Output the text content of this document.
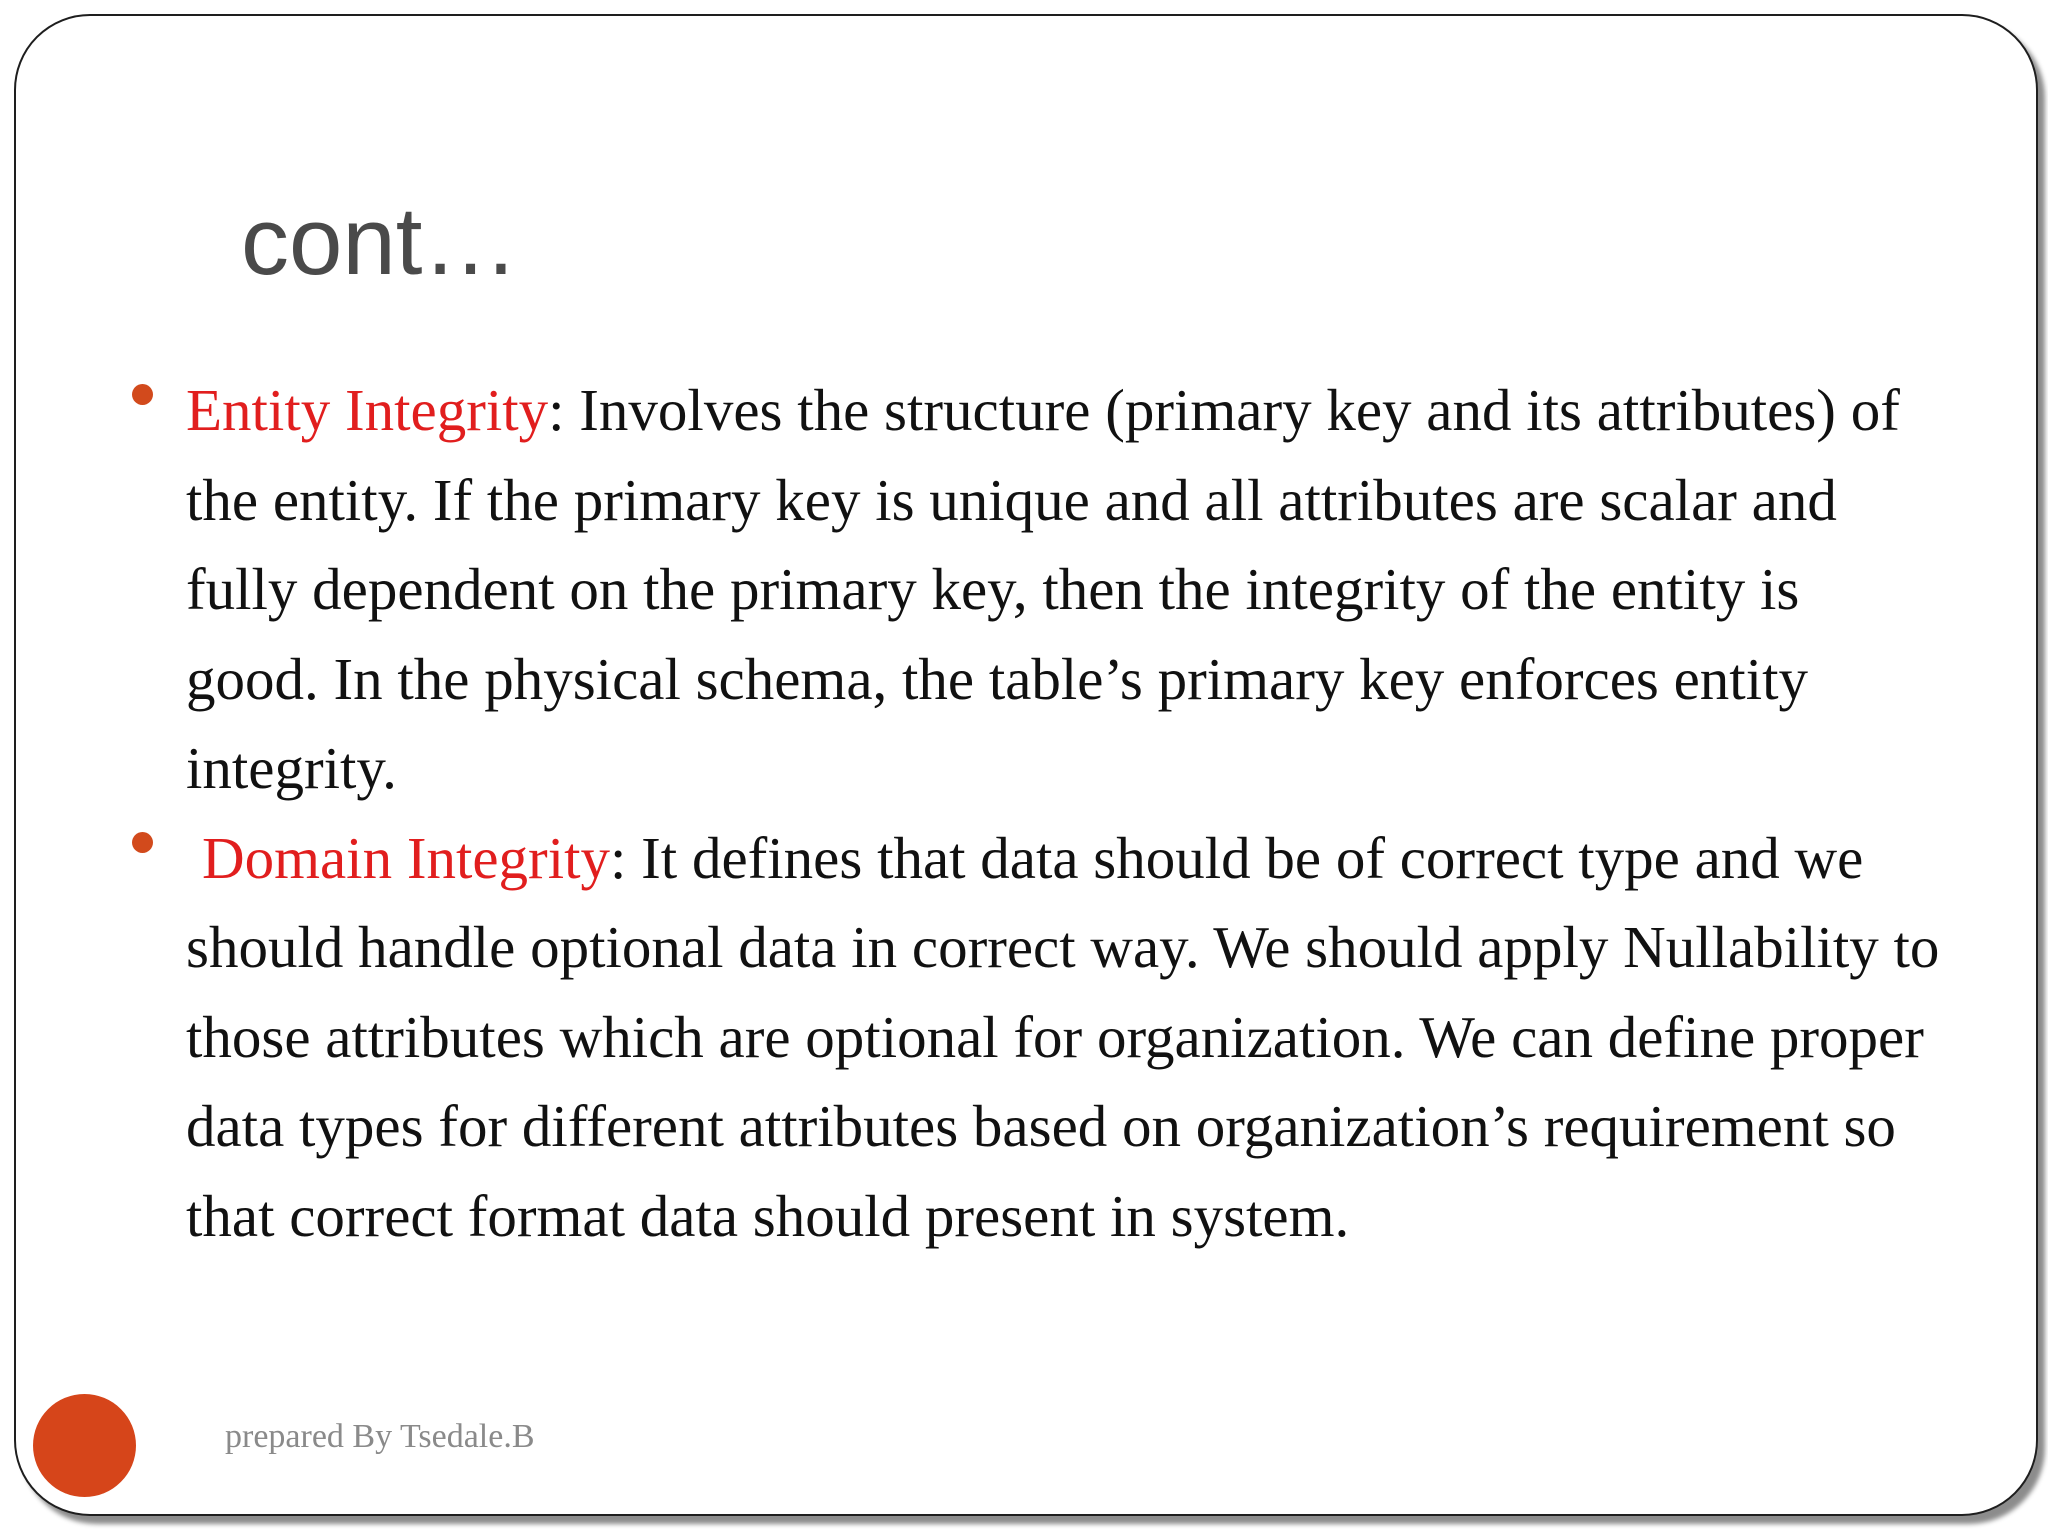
cont…
Entity Integrity: Involves the structure (primary key and its attributes) of the entity. If the primary key is unique and all attributes are scalar and fully dependent on the primary key, then the integrity of the entity is good. In the physical schema, the table’s primary key enforces entity integrity.
Domain Integrity: It defines that data should be of correct type and we should handle optional data in correct way. We should apply Nullability to those attributes which are optional for organization. We can define proper data types for different attributes based on organization’s requirement so that correct format data should present in system.
prepared By Tsedale.B
